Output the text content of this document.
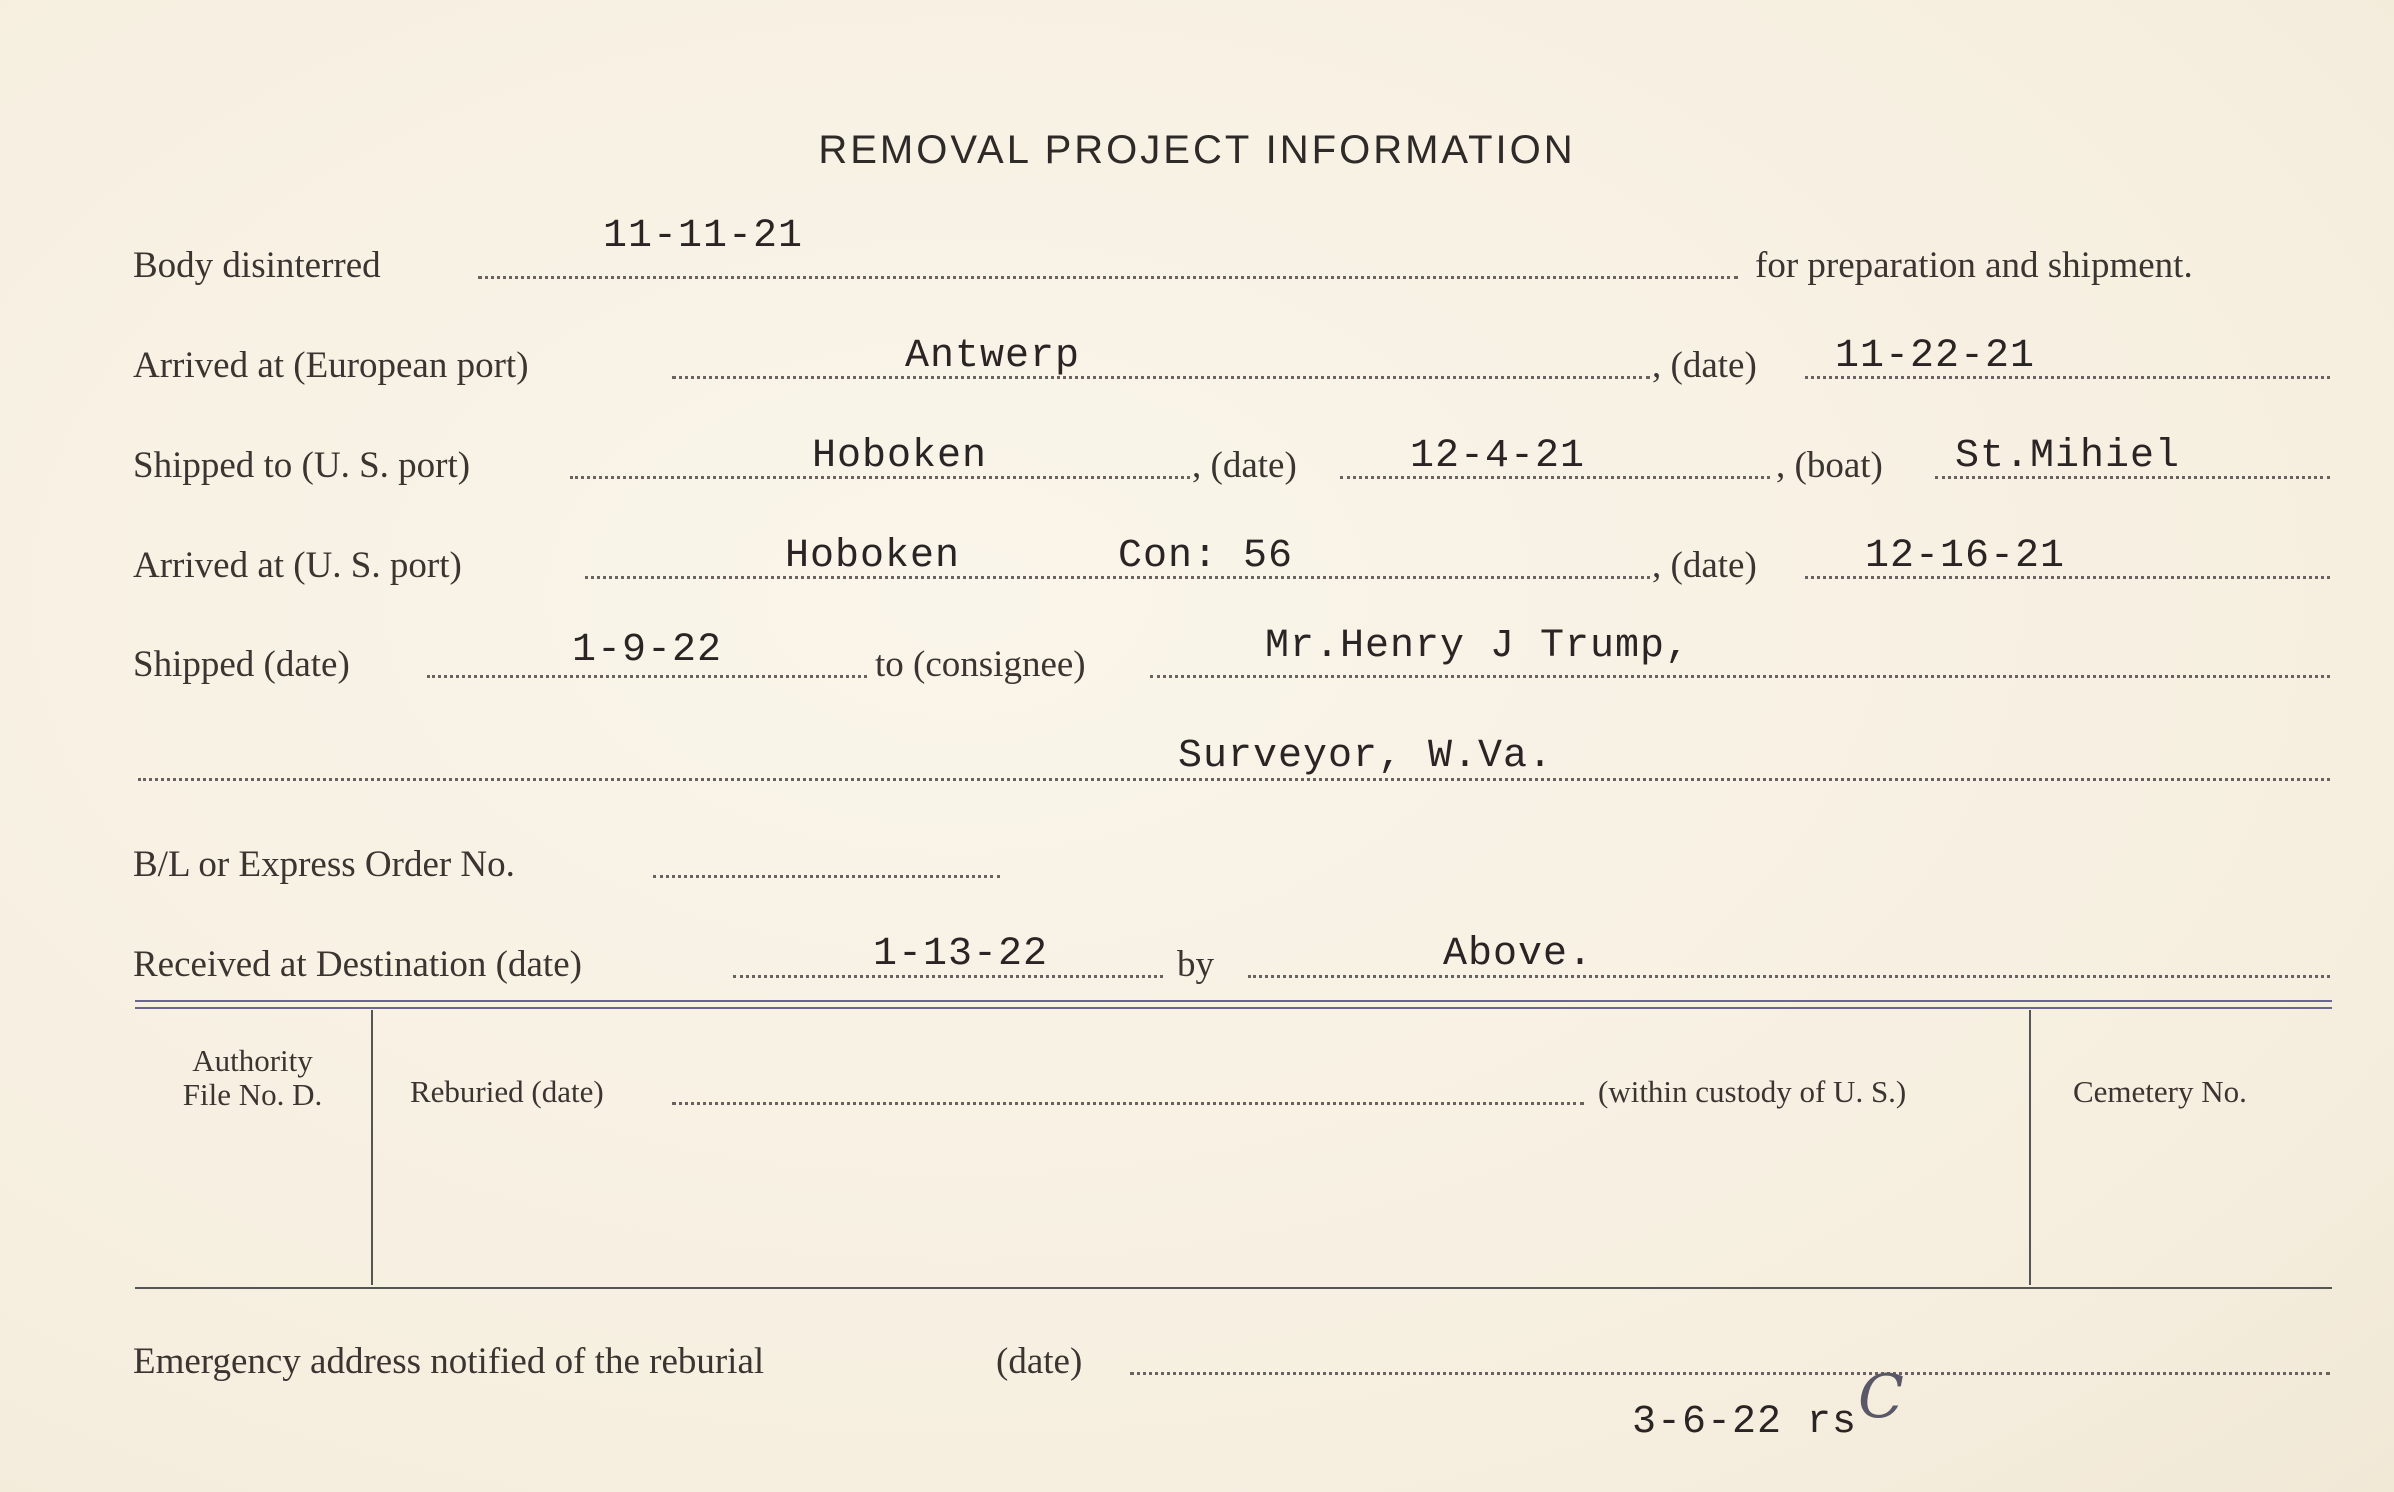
REMOVAL PROJECT INFORMATION
Body disinterred
11-11-21
for preparation and shipment.
Arrived at (European port)	Antwerp	, (date) 11-22-21
Shipped to (U. S. port)	Hoboken	, (date)	12-4-21	, (boat) St.Mihiel
Arrived at (U. S. port)	Hoboken	Con: 56	, (date)	12-16-21
Shipped (date)	1-9-22	to (consignee)	Mr.Henry J Trump,
Surveyor, W.Va.
B/L or Express Order No.
Received at Destination (date)	1-13-22	by	Above.
Authority
File No. D.	Reburied (date)	(within custody of U. S.)	Cemetery No.
Emergency address notified of the reburial	(date)
3-6-22 rs C
